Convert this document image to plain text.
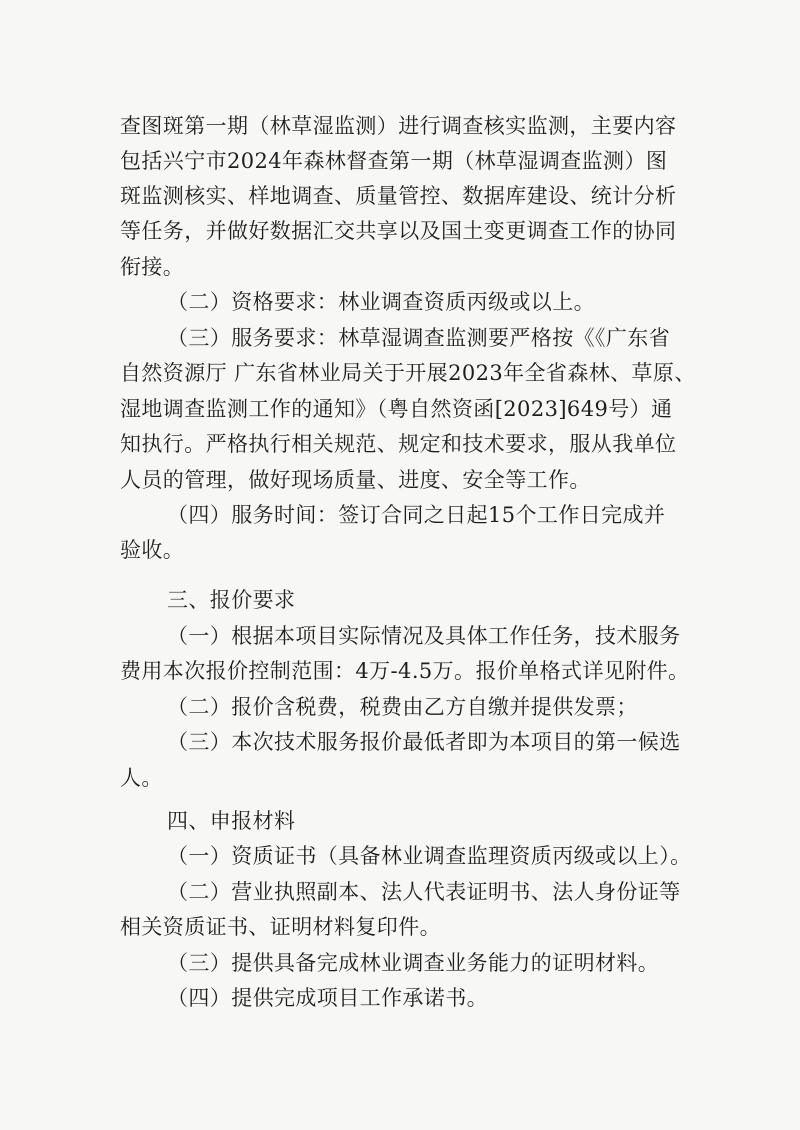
查图斑第一期（林草湿监测）进行调查核实监测，主要内容
包括兴宁市2024年森林督查第一期（林草湿调查监测）图
斑监测核实、样地调查、质量管控、数据库建设、统计分析
等任务，并做好数据汇交共享以及国土变更调查工作的协同
衔接。
（二）资格要求：林业调查资质丙级或以上。
（三）服务要求：林草湿调查监测要严格按《《广东省
自然资源厅 广东省林业局关于开展2023年全省森林、草原、
湿地调查监测工作的通知》（粤自然资函[2023]649号）通
知执行。严格执行相关规范、规定和技术要求，服从我单位
人员的管理，做好现场质量、进度、安全等工作。
（四）服务时间：签订合同之日起15个工作日完成并
验收。
三、报价要求
（一）根据本项目实际情况及具体工作任务，技术服务
费用本次报价控制范围：4万-4.5万。报价单格式详见附件。
（二）报价含税费，税费由乙方自缴并提供发票；
（三）本次技术服务报价最低者即为本项目的第一候选
人。
四、申报材料
（一）资质证书（具备林业调查监理资质丙级或以上）。
（二）营业执照副本、法人代表证明书、法人身份证等
相关资质证书、证明材料复印件。
（三）提供具备完成林业调查业务能力的证明材料。
（四）提供完成项目工作承诺书。
